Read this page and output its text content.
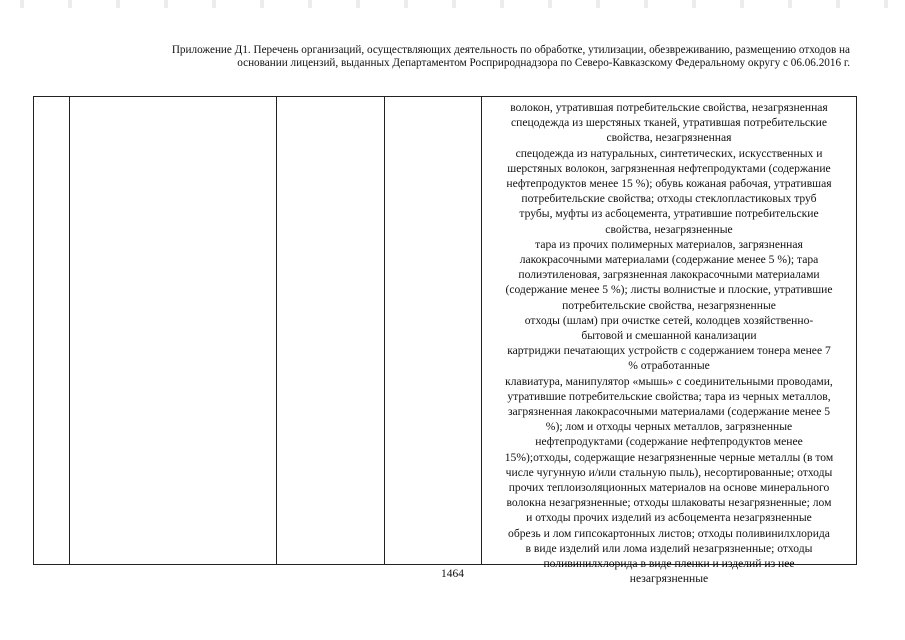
Приложение Д1. Перечень организаций, осуществляющих деятельность по обработке, утилизации, обезвреживанию, размещению отходов на
основании лицензий, выданных Департаментом Росприроднадзора по Северо-Кавказскому Федеральному округу с 06.06.2016 г.

волокон, утратившая потребительские свойства, незагрязненная

спецодежда из шерстяных тканей, утратившая потребительские

свойства, незагрязненная

спецодежда из натуральных, синтетических, искусственных и

шерстяных волокон, загрязненная нефтепродуктами (содержание

нефтепродуктов менее 15 %); обувь кожаная рабочая, утратившая

потребительские свойства; отходы стеклопластиковых труб

трубы, муфты из асбоцемента, утратившие потребительские

свойства, незагрязненные

тара из прочих полимерных материалов, загрязненная

лакокрасочными материалами (содержание менее 5 %); тара

полиэтиленовая, загрязненная лакокрасочными материалами

(содержание менее 5 %); листы волнистые и плоские, утратившие

потребительские свойства, незагрязненные

отходы (шлам) при очистке сетей, колодцев хозяйственно-

бытовой и смешанной канализации

картриджи печатающих устройств с содержанием тонера менее 7

% отработанные

клавиатура, манипулятор «мышь» с соединительными проводами,

утратившие потребительские свойства; тара из черных металлов,

загрязненная лакокрасочными материалами (содержание менее 5

%); лом и отходы черных металлов, загрязненные

нефтепродуктами (содержание нефтепродуктов менее

15%);отходы, содержащие незагрязненные черные металлы (в том

числе чугунную и/или стальную пыль), несортированные; отходы

прочих теплоизоляционных материалов на основе минерального

волокна незагрязненные; отходы шлаковаты незагрязненные; лом

и отходы прочих изделий из асбоцемента незагрязненные

обрезь и лом гипсокартонных листов; отходы поливинилхлорида

в виде изделий или лома изделий незагрязненные; отходы

поливинилхлорида в виде пленки и изделий из нее

незагрязненные

1464
